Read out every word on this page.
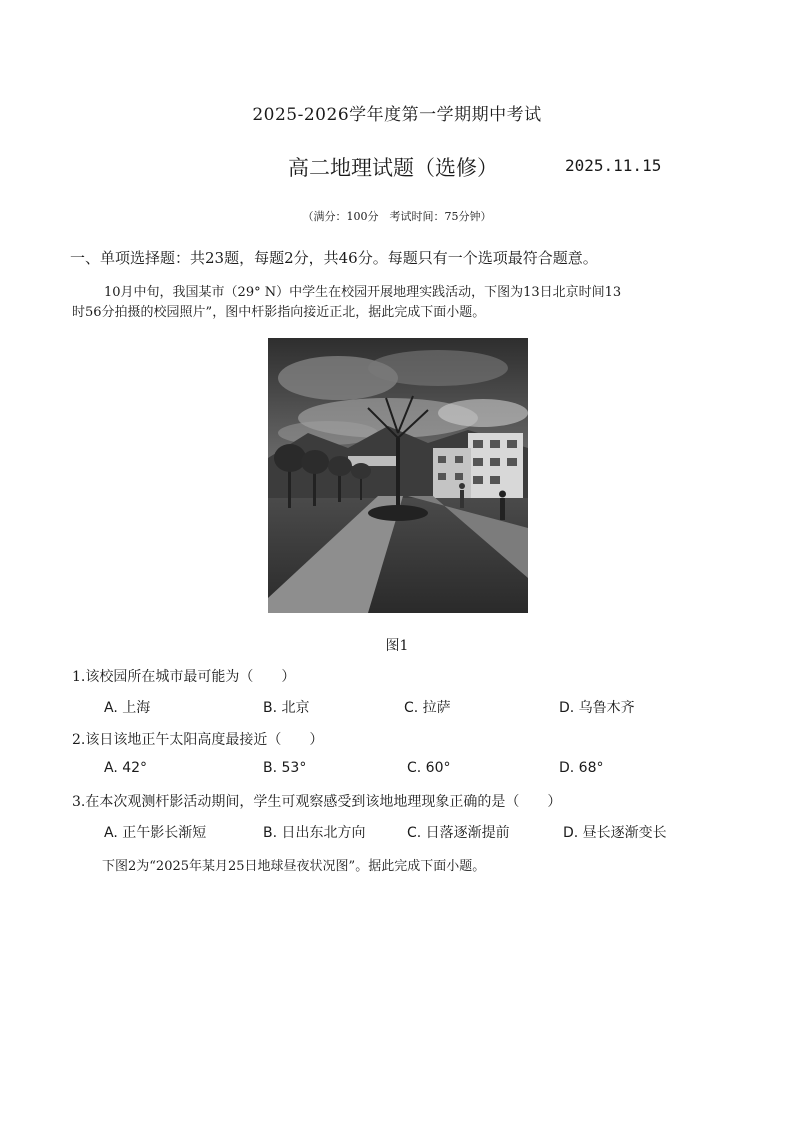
2025-2026学年度第一学期期中考试
高二地理试题（选修）	2025.11.15
（满分：100分　考试时间：75分钟）
一、单项选择题：共23题，每题2分，共46分。每题只有一个选项最符合题意。
10月中旬，我国某市（29° N）中学生在校园开展地理实践活动，下图为13日北京时间13
时56分拍摄的校园照片”，图中杆影指向接近正北，据此完成下面小题。
图1
1.该校园所在城市最可能为（　　）
A. 上海	B. 北京	C. 拉萨	D. 乌鲁木齐
2.该日该地正午太阳高度最接近（　　）
A. 42°	B. 53°	C. 60°	D. 68°
3.在本次观测杆影活动期间，学生可观察感受到该地地理现象正确的是（　　）
A. 正午影长渐短	B. 日出东北方向	C. 日落逐渐提前	D. 昼长逐渐变长
下图2为“2025年某月25日地球昼夜状况图”。据此完成下面小题。
